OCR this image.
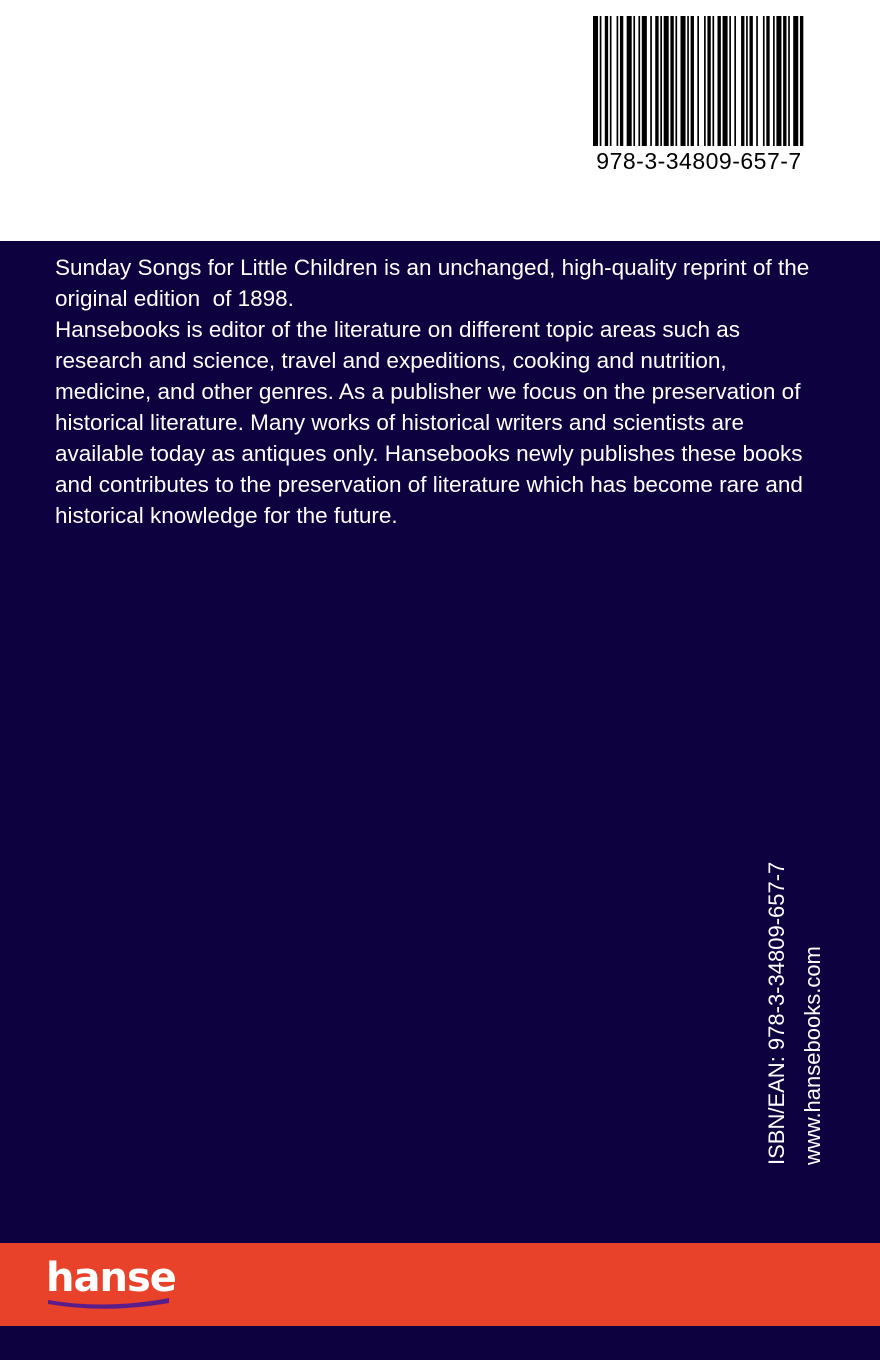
978-3-34809-657-7

Sunday Songs for Little Children is an unchanged, high-quality reprint of the original edition  of 1898.

Hansebooks is editor of the literature on different topic areas such as research and science, travel and expeditions, cooking and nutrition, medicine, and other genres. As a publisher we focus on the preservation of historical literature. Many works of historical writers and scientists are available today as antiques only. Hansebooks newly publishes these books and contributes to the preservation of literature which has become rare and historical knowledge for the future.

ISBN/EAN: 978-3-34809-657-7 www.hansebooks.com
hanse
